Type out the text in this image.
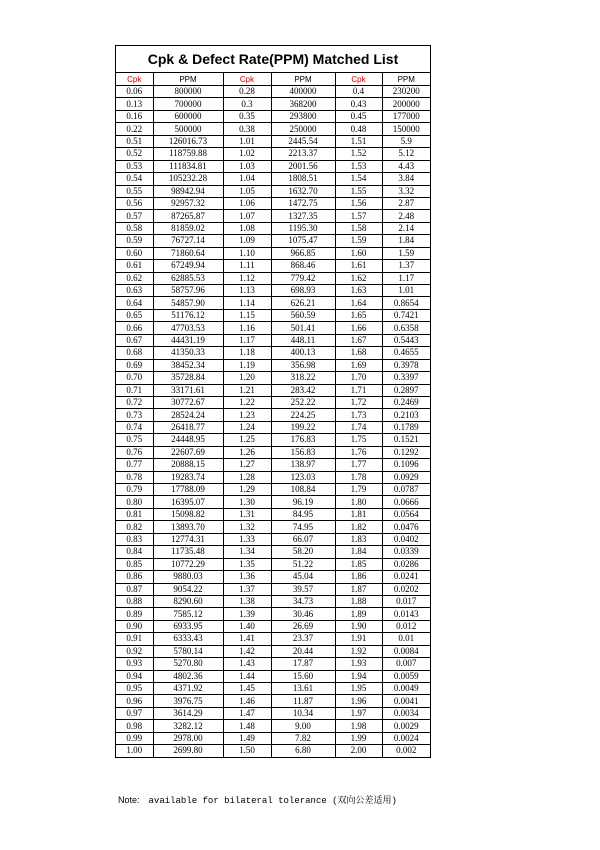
Cpk & Defect Rate(PPM) Matched List
Cpk	PPM	Cpk	PPM	Cpk	PPM
0.06	800000	0.28	400000	0.4	230200
0.13	700000	0.3	368200	0.43	200000
0.16	600000	0.35	293800	0.45	177000
0.22	500000	0.38	250000	0.48	150000
0.51	126016.73	1.01	2445.54	1.51	5.9
0.52	118759.88	1.02	2213.37	1.52	5.12
0.53	111834.81	1.03	2001.56	1.53	4.43
0.54	105232.28	1.04	1808.51	1.54	3.84
0.55	98942.94	1.05	1632.70	1.55	3.32
0.56	92957.32	1.06	1472.75	1.56	2.87
0.57	87265.87	1.07	1327.35	1.57	2.48
0.58	81859.02	1.08	1195.30	1.58	2.14
0.59	76727.14	1.09	1075.47	1.59	1.84
0.60	71860.64	1.10	966.85	1.60	1.59
0.61	67249.94	1.11	868.46	1.61	1.37
0.62	62885.53	1.12	779.42	1.62	1.17
0.63	58757.96	1.13	698.93	1.63	1.01
0.64	54857.90	1.14	626.21	1.64	0.8654
0.65	51176.12	1.15	560.59	1.65	0.7421
0.66	47703.53	1.16	501.41	1.66	0.6358
0.67	44431.19	1.17	448.11	1.67	0.5443
0.68	41350.33	1.18	400.13	1.68	0.4655
0.69	38452.34	1.19	356.98	1.69	0.3978
0.70	35728.84	1.20	318.22	1.70	0.3397
0.71	33171.61	1.21	283.42	1.71	0.2897
0.72	30772.67	1.22	252.22	1.72	0.2469
0.73	28524.24	1.23	224.25	1.73	0.2103
0.74	26418.77	1.24	199.22	1.74	0.1789
0.75	24448.95	1.25	176.83	1.75	0.1521
0.76	22607.69	1.26	156.83	1.76	0.1292
0.77	20888.15	1.27	138.97	1.77	0.1096
0.78	19283.74	1.28	123.03	1.78	0.0929
0.79	17788.09	1.29	108.84	1.79	0.0787
0.80	16395.07	1.30	96.19	1.80	0.0666
0.81	15098.82	1.31	84.95	1.81	0.0564
0.82	13893.70	1.32	74.95	1.82	0.0476
0.83	12774.31	1.33	66.07	1.83	0.0402
0.84	11735.48	1.34	58.20	1.84	0.0339
0.85	10772.29	1.35	51.22	1.85	0.0286
0.86	9880.03	1.36	45.04	1.86	0.0241
0.87	9054.22	1.37	39.57	1.87	0.0202
0.88	8290.60	1.38	34.73	1.88	0.017
0.89	7585.12	1.39	30.46	1.89	0.0143
0.90	6933.95	1.40	26.69	1.90	0.012
0.91	6333.43	1.41	23.37	1.91	0.01
0.92	5780.14	1.42	20.44	1.92	0.0084
0.93	5270.80	1.43	17.87	1.93	0.007
0.94	4802.36	1.44	15.60	1.94	0.0059
0.95	4371.92	1.45	13.61	1.95	0.0049
0.96	3976.75	1.46	11.87	1.96	0.0041
0.97	3614.29	1.47	10.34	1.97	0.0034
0.98	3282.12	1.48	9.00	1.98	0.0029
0.99	2978.00	1.49	7.82	1.99	0.0024
1.00	2699.80	1.50	6.80	2.00	0.002
Note: available for bilateral tolerance (双向公差适用)
